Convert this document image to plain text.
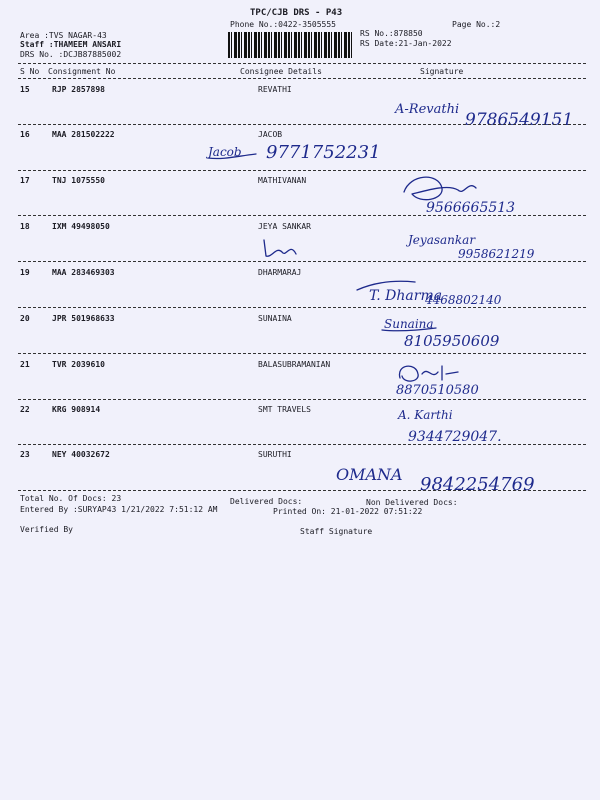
TPC/CJB DRS - P43
Phone No.:0422-3505555	Page No.:2
Area :TVS NAGAR-43
Staff :THAMEEM ANSARI
DRS No. :DCJB87885002
RS No.:878850
RS Date:21-Jan-2022
S No Consignment No	Consignee Details	Signature
15	RJP 2857898	REVATHI
A-Revathi
9786549151
16	MAA 281502222	JACOB
Jacob 9771752231
17	TNJ 1075550	MATHIVANAN
9566665513
18	IXM 49498050	JEYA SANKAR
Jeyasankar
9958621219
19	MAA 283469303	DHARMARAJ
T. Dharma
4468802140
20	JPR 501968633	SUNAINA	Sunaina
8105950609
21	TVR 2039610	BALASUBRAMANIAN
8870510580
22	KRG 908914	SMT TRAVELS	A. Karthi
9344729047.
23	NEY 40032672	SURUTHI
OMANA 9842254769
Total No. Of Docs: 23	Delivered Docs:	Non Delivered Docs:
Entered By :SURYAP43 1/21/2022 7:51:12 AM	Printed On: 21-01-2022 07:51:22
Verified By	Staff Signature
